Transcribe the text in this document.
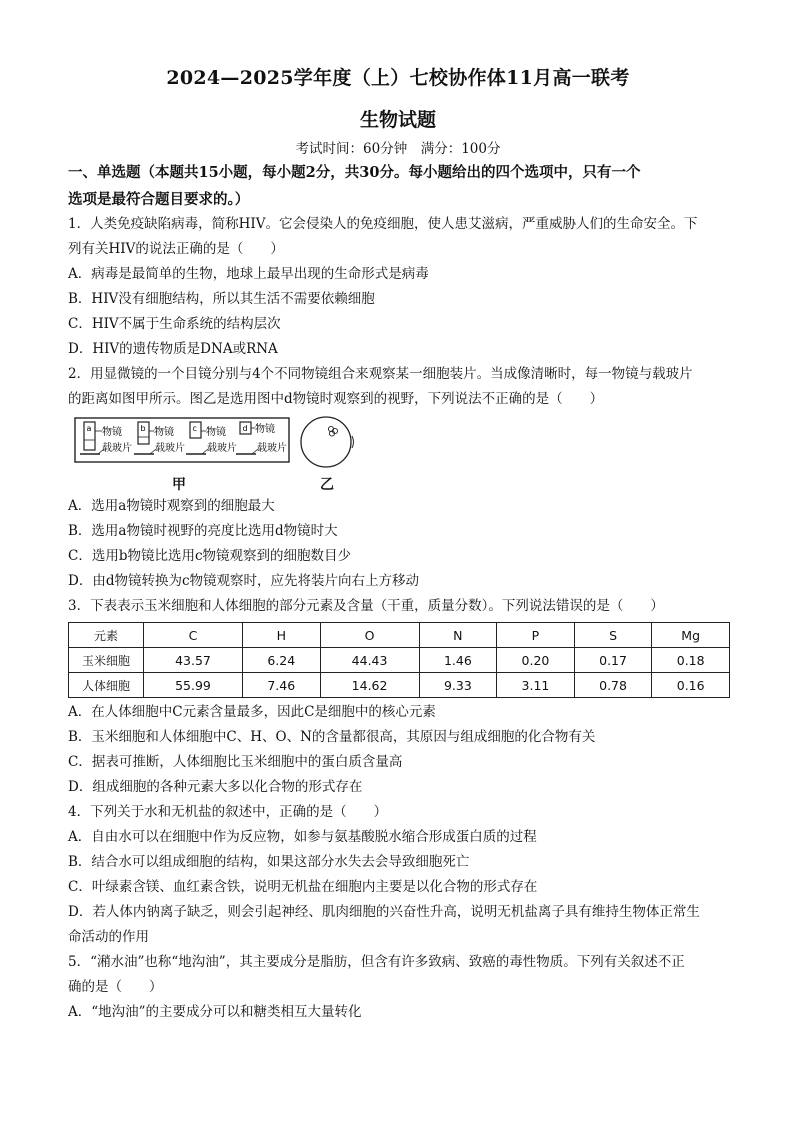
2024—2025学年度（上）七校协作体11月高一联考

生物试题

考试时间：60分钟　满分：100分

一、单选题（本题共15小题，每小题2分，共30分。每小题给出的四个选项中，只有一个

选项是最符合题目要求的。）

1．人类免疫缺陷病毒，简称HIV。它会侵染人的免疫细胞，使人患艾滋病，严重威胁人们的生命安全。下

列有关HIV的说法正确的是（　　）

A．病毒是最简单的生物，地球上最早出现的生命形式是病毒

B．HIV没有细胞结构，所以其生活不需要依赖细胞

C．HIV不属于生命系统的结构层次

D．HIV的遗传物质是DNA或RNA

2．用显微镜的一个目镜分别与4个不同物镜组合来观察某一细胞装片。当成像清晰时，每一物镜与载玻片

的距离如图甲所示。图乙是选用图中d物镜时观察到的视野，下列说法不正确的是（　　）

a 物镜
载玻片
b 物镜
载玻片
c 物镜
载玻片
d 物镜
载玻片
甲	乙

A．选用a物镜时观察到的细胞最大

B．选用a物镜时视野的亮度比选用d物镜时大

C．选用b物镜比选用c物镜观察到的细胞数目少

D．由d物镜转换为c物镜观察时，应先将装片向右上方移动

3．下表表示玉米细胞和人体细胞的部分元素及含量（干重，质量分数）。下列说法错误的是（　　）

元素	C	H	O	N	P	S	Mg
玉米细胞	43.57	6.24	44.43	1.46	0.20	0.17	0.18
人体细胞	55.99	7.46	14.62	9.33	3.11	0.78	0.16

A．在人体细胞中C元素含量最多，因此C是细胞中的核心元素

B．玉米细胞和人体细胞中C、H、O、N的含量都很高，其原因与组成细胞的化合物有关

C．据表可推断，人体细胞比玉米细胞中的蛋白质含量高

D．组成细胞的各种元素大多以化合物的形式存在

4．下列关于水和无机盐的叙述中，正确的是（　　）

A．自由水可以在细胞中作为反应物，如参与氨基酸脱水缩合形成蛋白质的过程

B．结合水可以组成细胞的结构，如果这部分水失去会导致细胞死亡

C．叶绿素含镁、血红素含铁，说明无机盐在细胞内主要是以化合物的形式存在

D．若人体内钠离子缺乏，则会引起神经、肌肉细胞的兴奋性升高，说明无机盐离子具有维持生物体正常生

命活动的作用

5．“潲水油”也称“地沟油”，其主要成分是脂肪，但含有许多致病、致癌的毒性物质。下列有关叙述不正

确的是（　　）

A．“地沟油”的主要成分可以和糖类相互大量转化
